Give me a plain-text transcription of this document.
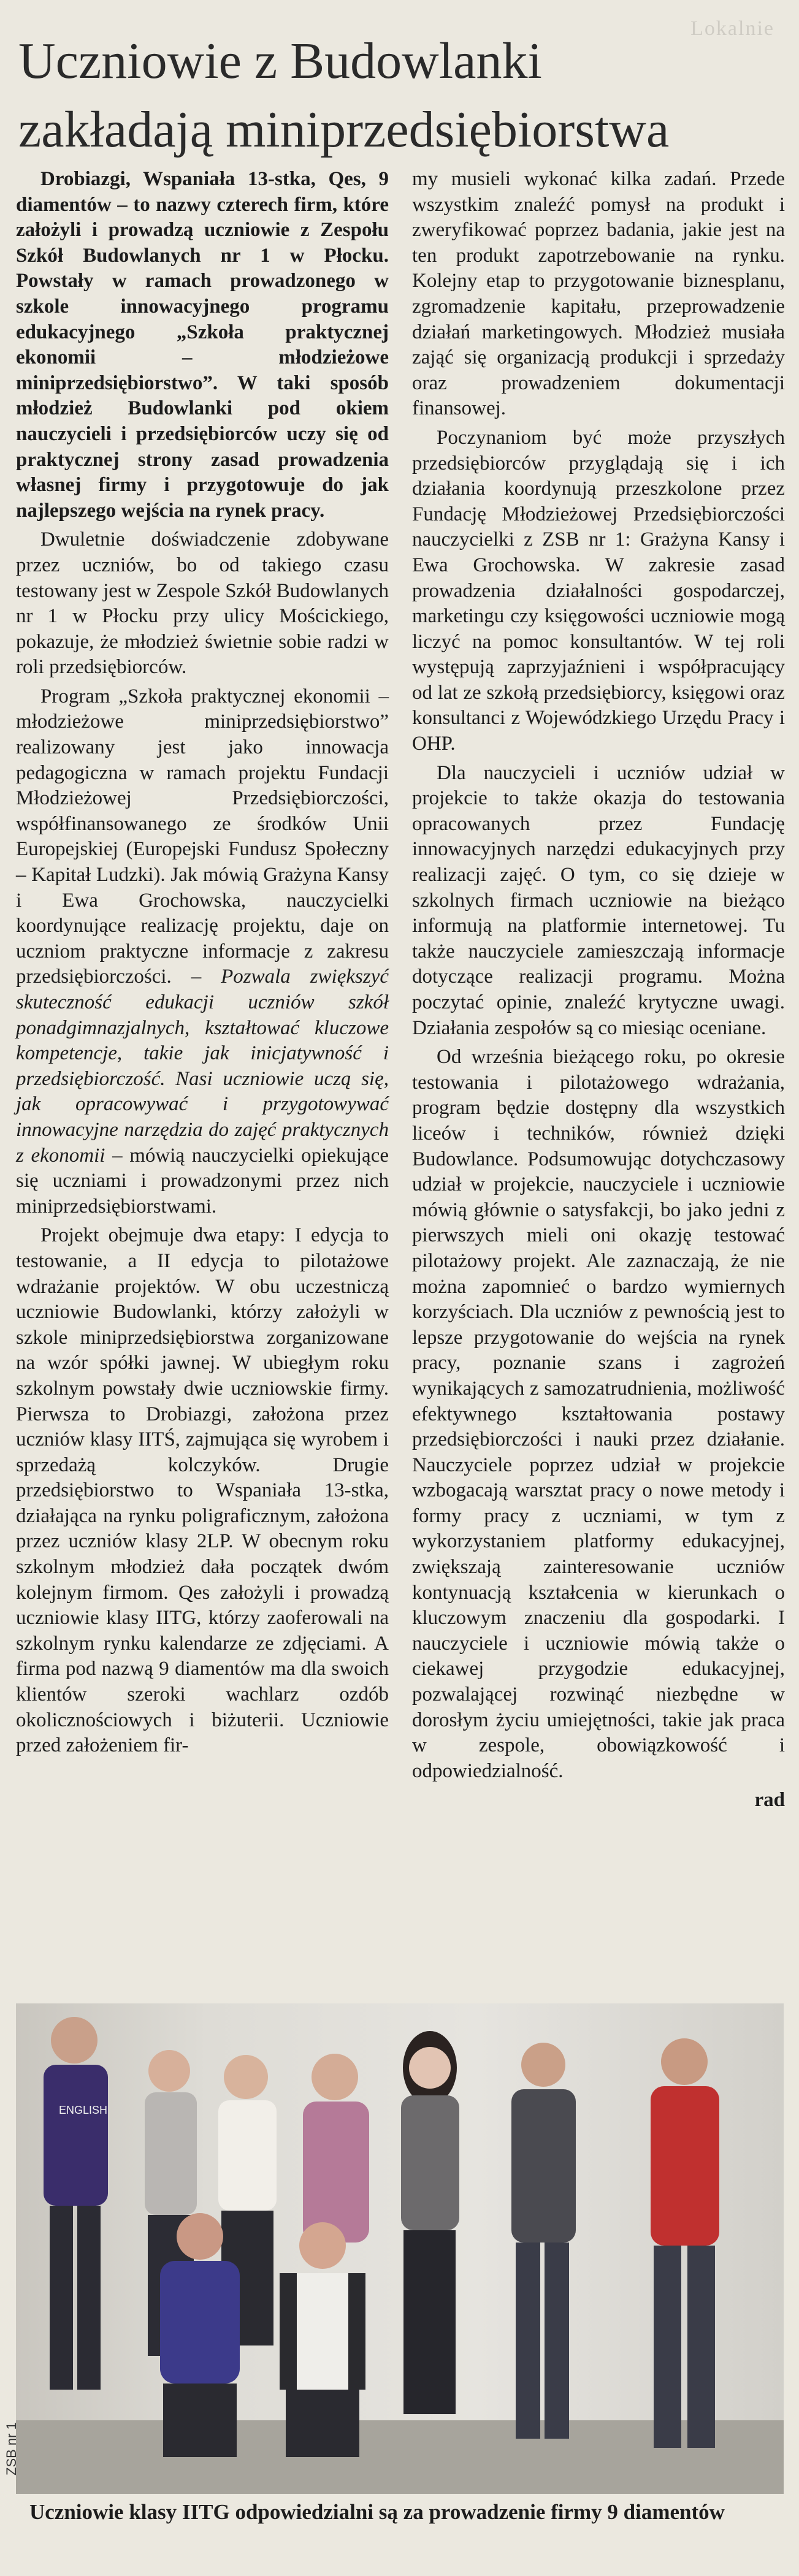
Lokalnie
Uczniowie z Budowlanki
zakładają miniprzedsiębiorstwa

Drobiazgi, Wspaniała 13-stka, Qes, 9 diamentów – to nazwy czterech firm, które założyli i prowadzą uczniowie z Zespołu Szkół Budowlanych nr 1 w Płocku. Powstały w ramach prowadzonego w szkole innowacyjnego programu edukacyjnego „Szkoła praktycznej ekonomii – młodzieżowe miniprzedsiębiorstwo”. W taki sposób młodzież Budowlanki pod okiem nauczycieli i przedsiębiorców uczy się od praktycznej strony zasad prowadzenia własnej firmy i przygotowuje do jak najlepszego wejścia na rynek pracy.

Dwuletnie doświadczenie zdobywane przez uczniów, bo od takiego czasu testowany jest w Zespole Szkół Budowlanych nr 1 w Płocku przy ulicy Mościckiego, pokazuje, że młodzież świetnie sobie radzi w roli przedsiębiorców.

Program „Szkoła praktycznej ekonomii – młodzieżowe miniprzedsiębiorstwo” realizowany jest jako innowacja pedagogiczna w ramach projektu Fundacji Młodzieżowej Przedsiębiorczości, współfinansowanego ze środków Unii Europejskiej (Europejski Fundusz Społeczny – Kapitał Ludzki). Jak mówią Grażyna Kansy i Ewa Grochowska, nauczycielki koordynujące realizację projektu, daje on uczniom praktyczne informacje z zakresu przedsiębiorczości. – Pozwala zwiększyć skuteczność edukacji uczniów szkół ponadgimnazjalnych, kształtować kluczowe kompetencje, takie jak inicjatywność i przedsiębiorczość. Nasi uczniowie uczą się, jak opracowywać i przygotowywać innowacyjne narzędzia do zajęć praktycznych z ekonomii – mówią nauczycielki opiekujące się uczniami i prowadzonymi przez nich miniprzedsiębiorstwami.

Projekt obejmuje dwa etapy: I edycja to testowanie, a II edycja to pilotażowe wdrażanie projektów. W obu uczestniczą uczniowie Budowlanki, którzy założyli w szkole miniprzedsiębiorstwa zorganizowane na wzór spółki jawnej. W ubiegłym roku szkolnym powstały dwie uczniowskie firmy. Pierwsza to Drobiazgi, założona przez uczniów klasy IITŚ, zajmująca się wyrobem i sprzedażą kolczyków. Drugie przedsiębiorstwo to Wspaniała 13-stka, działająca na rynku poligraficznym, założona przez uczniów klasy 2LP. W obecnym roku szkolnym młodzież dała początek dwóm kolejnym firmom. Qes założyli i prowadzą uczniowie klasy IITG, którzy zaoferowali na szkolnym rynku kalendarze ze zdjęciami. A firma pod nazwą 9 diamentów ma dla swoich klientów szeroki wachlarz ozdób okolicznościowych i biżuterii. Uczniowie przed założeniem fir-

my musieli wykonać kilka zadań. Przede wszystkim znaleźć pomysł na produkt i zweryfikować poprzez badania, jakie jest na ten produkt zapotrzebowanie na rynku. Kolejny etap to przygotowanie biznesplanu, zgromadzenie kapitału, przeprowadzenie działań marketingowych. Młodzież musiała zająć się organizacją produkcji i sprzedaży oraz prowadzeniem dokumentacji finansowej.

Poczynaniom być może przyszłych przedsiębiorców przyglądają się i ich działania koordynują przeszkolone przez Fundację Młodzieżowej Przedsiębiorczości nauczycielki z ZSB nr 1: Grażyna Kansy i Ewa Grochowska. W zakresie zasad prowadzenia działalności gospodarczej, marketingu czy księgowości uczniowie mogą liczyć na pomoc konsultantów. W tej roli występują zaprzyjaźnieni i współpracujący od lat ze szkołą przedsiębiorcy, księgowi oraz konsultanci z Wojewódzkiego Urzędu Pracy i OHP.

Dla nauczycieli i uczniów udział w projekcie to także okazja do testowania opracowanych przez Fundację innowacyjnych narzędzi edukacyjnych przy realizacji zajęć. O tym, co się dzieje w szkolnych firmach uczniowie na bieżąco informują na platformie internetowej. Tu także nauczyciele zamieszczają informacje dotyczące realizacji programu. Można poczytać opinie, znaleźć krytyczne uwagi. Działania zespołów są co miesiąc oceniane.

Od września bieżącego roku, po okresie testowania i pilotażowego wdrażania, program będzie dostępny dla wszystkich liceów i techników, również dzięki Budowlance. Podsumowując dotychczasowy udział w projekcie, nauczyciele i uczniowie mówią głównie o satysfakcji, bo jako jedni z pierwszych mieli oni okazję testować pilotażowy projekt. Ale zaznaczają, że nie można zapomnieć o bardzo wymiernych korzyściach. Dla uczniów z pewnością jest to lepsze przygotowanie do wejścia na rynek pracy, poznanie szans i zagrożeń wynikających z samozatrudnienia, możliwość efektywnego kształtowania postawy przedsiębiorczości i nauki przez działanie. Nauczyciele poprzez udział w projekcie wzbogacają warsztat pracy o nowe metody i formy pracy z uczniami, w tym z wykorzystaniem platformy edukacyjnej, zwiększają zainteresowanie uczniów kontynuacją kształcenia w kierunkach o kluczowym znaczeniu dla gospodarki. I nauczyciele i uczniowie mówią także o ciekawej przygodzie edukacyjnej, pozwalającej rozwinąć niezbędne w dorosłym życiu umiejętności, takie jak praca w zespole, obowiązkowość i odpowiedzialność.

rad
ENGLISH
ZSB nr 1
Uczniowie klasy IITG odpowiedzialni są za prowadzenie firmy 9 diamentów
